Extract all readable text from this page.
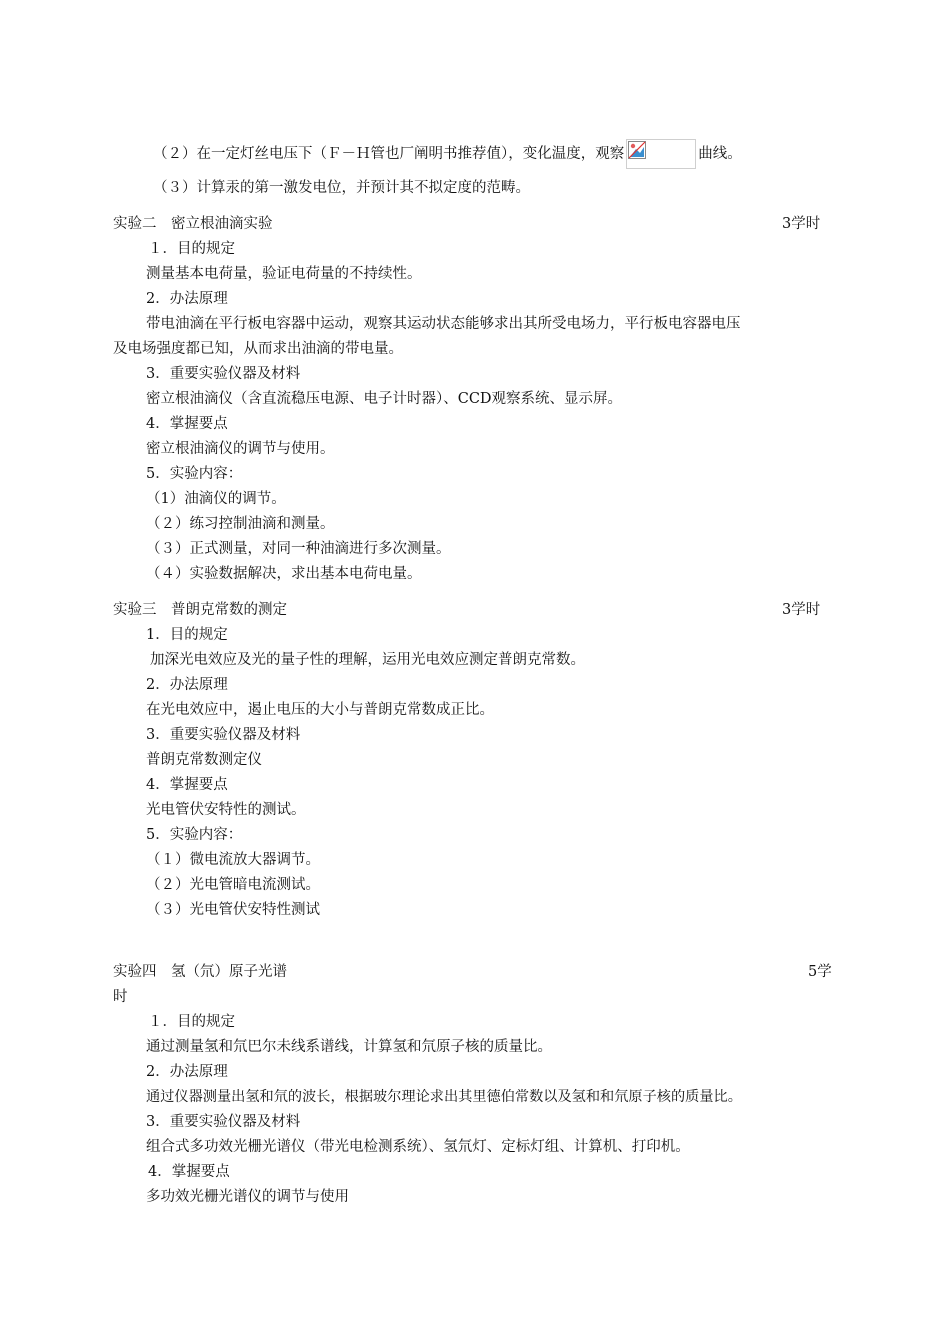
（２）在一定灯丝电压下（Ｆ－Ｈ管也厂阐明书推荐值），变化温度，观察	曲线。
（３）计算汞的第一激发电位，并预计其不拟定度的范畴。
实验二　密立根油滴实验	3学时
１．目的规定
测量基本电荷量，验证电荷量的不持续性。
2．办法原理
带电油滴在平行板电容器中运动，观察其运动状态能够求出其所受电场力，平行板电容器电压
及电场强度都已知，从而求出油滴的带电量。
3．重要实验仪器及材料
密立根油滴仪（含直流稳压电源、电子计时器）、CCD观察系统、显示屏。
4．掌握要点
密立根油滴仪的调节与使用。
5．实验内容：
（1）油滴仪的调节。
（２）练习控制油滴和测量。
（３）正式测量，对同一种油滴进行多次测量。
（４）实验数据解决，求出基本电荷电量。
实验三　普朗克常数的测定	3学时
1．目的规定
加深光电效应及光的量子性的理解，运用光电效应测定普朗克常数。
2．办法原理
在光电效应中，遏止电压的大小与普朗克常数成正比。
3．重要实验仪器及材料
普朗克常数测定仪
4．掌握要点
光电管伏安特性的测试。
5．实验内容：
（１）微电流放大器调节。
（２）光电管暗电流测试。
（３）光电管伏安特性测试
实验四　氢（氘）原子光谱	5学
时
１．目的规定
通过测量氢和氘巴尔未线系谱线，计算氢和氘原子核的质量比。
2．办法原理
通过仪器测量出氢和氘的波长，根据玻尔理论求出其里德伯常数以及氢和和氘原子核的质量比。
3．重要实验仪器及材料
组合式多功效光栅光谱仪（带光电检测系统）、氢氘灯、定标灯组、计算机、打印机。
4．掌握要点
多功效光栅光谱仪的调节与使用
